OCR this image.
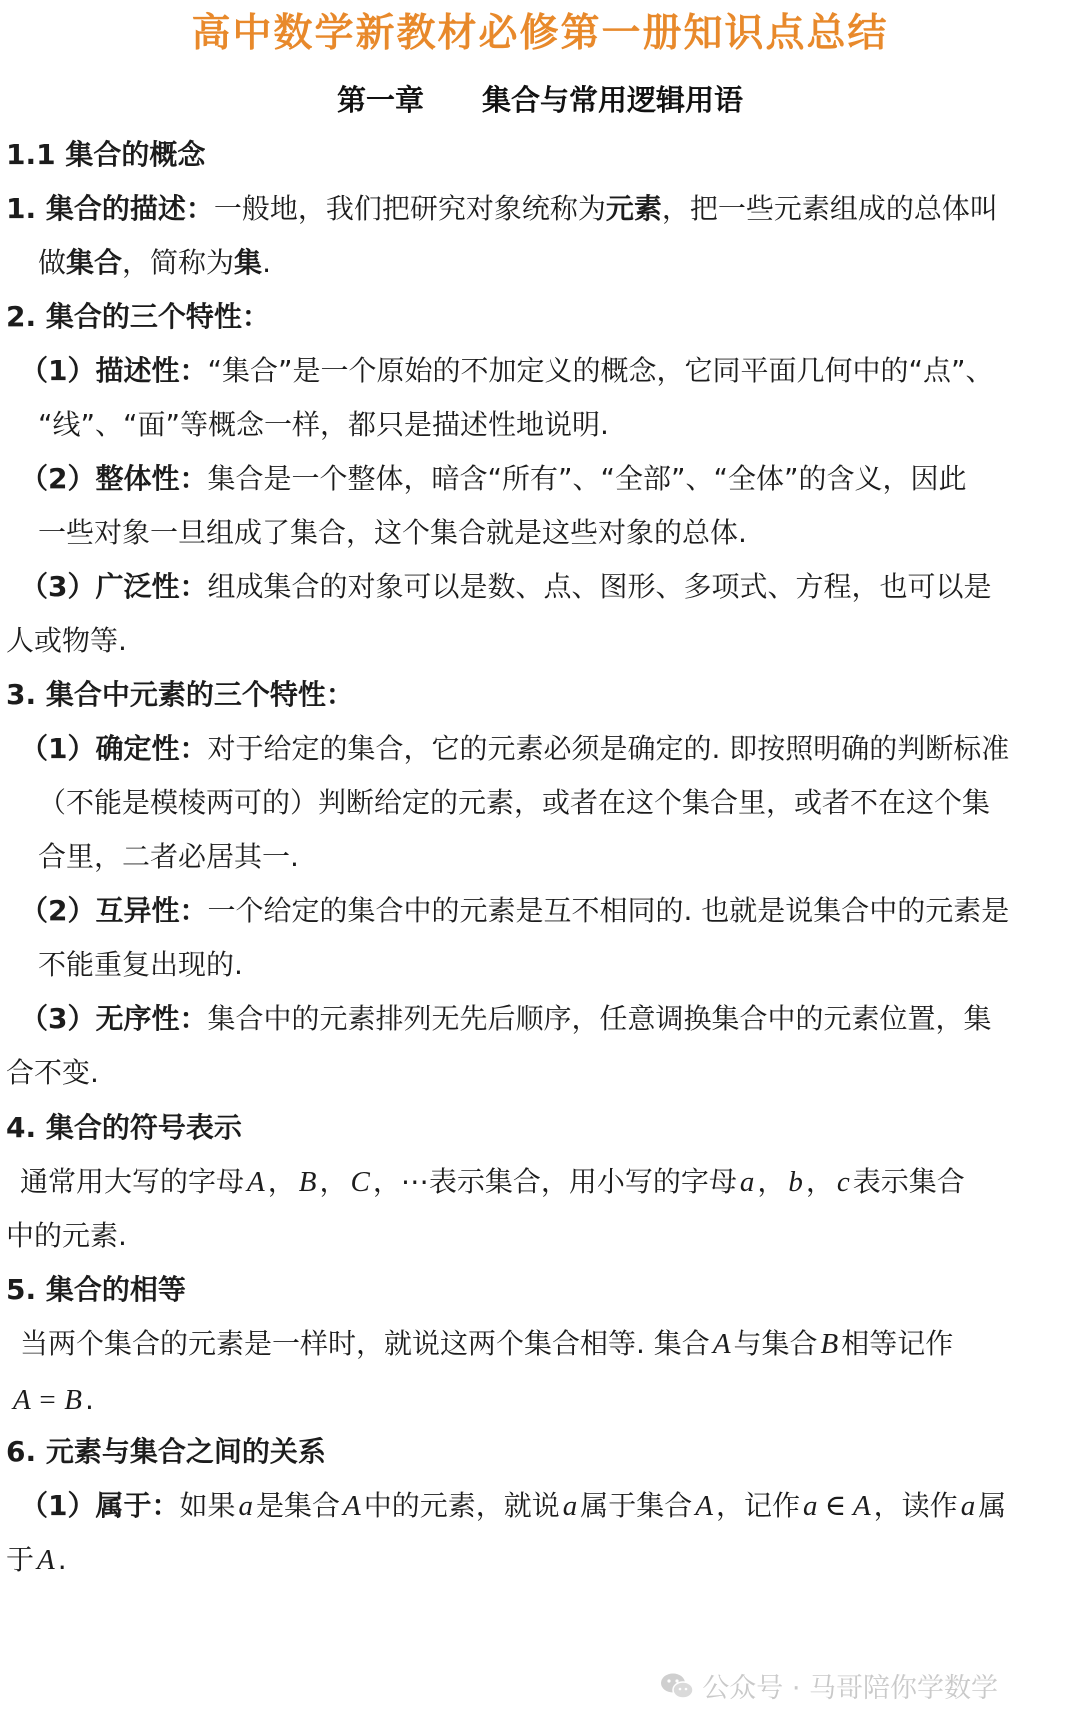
高中数学新教材必修第一册知识点总结
第一章 集合与常用逻辑用语
1.1 集合的概念
1. 集合的描述：一般地，我们把研究对象统称为元素，把一些元素组成的总体叫
做集合，简称为集.
2. 集合的三个特性：
（1）描述性：“集合”是一个原始的不加定义的概念，它同平面几何中的“点”、
“线”、“面”等概念一样，都只是描述性地说明.
（2）整体性：集合是一个整体，暗含“所有”、“全部”、“全体”的含义，因此
一些对象一旦组成了集合，这个集合就是这些对象的总体.
（3）广泛性：组成集合的对象可以是数、点、图形、多项式、方程，也可以是
人或物等.
3. 集合中元素的三个特性：
（1）确定性：对于给定的集合，它的元素必须是确定的. 即按照明确的判断标准
（不能是模棱两可的）判断给定的元素，或者在这个集合里，或者不在这个集
合里，二者必居其一.
（2）互异性：一个给定的集合中的元素是互不相同的. 也就是说集合中的元素是
不能重复出现的.
（3）无序性：集合中的元素排列无先后顺序，任意调换集合中的元素位置，集
合不变.
4. 集合的符号表示
通常用大写的字母 A ， B ， C ，⋯表示集合，用小写的字母 a ， b ， c 表示集合
中的元素.
5. 集合的相等
当两个集合的元素是一样时，就说这两个集合相等. 集合 A 与集合 B 相等记作
A = B .
6. 元素与集合之间的关系
（1）属于：如果 a 是集合 A 中的元素，就说 a 属于集合 A ，记作 a ∈ A ，读作 a 属
于 A .
公众号 · 马哥陪你学数学
